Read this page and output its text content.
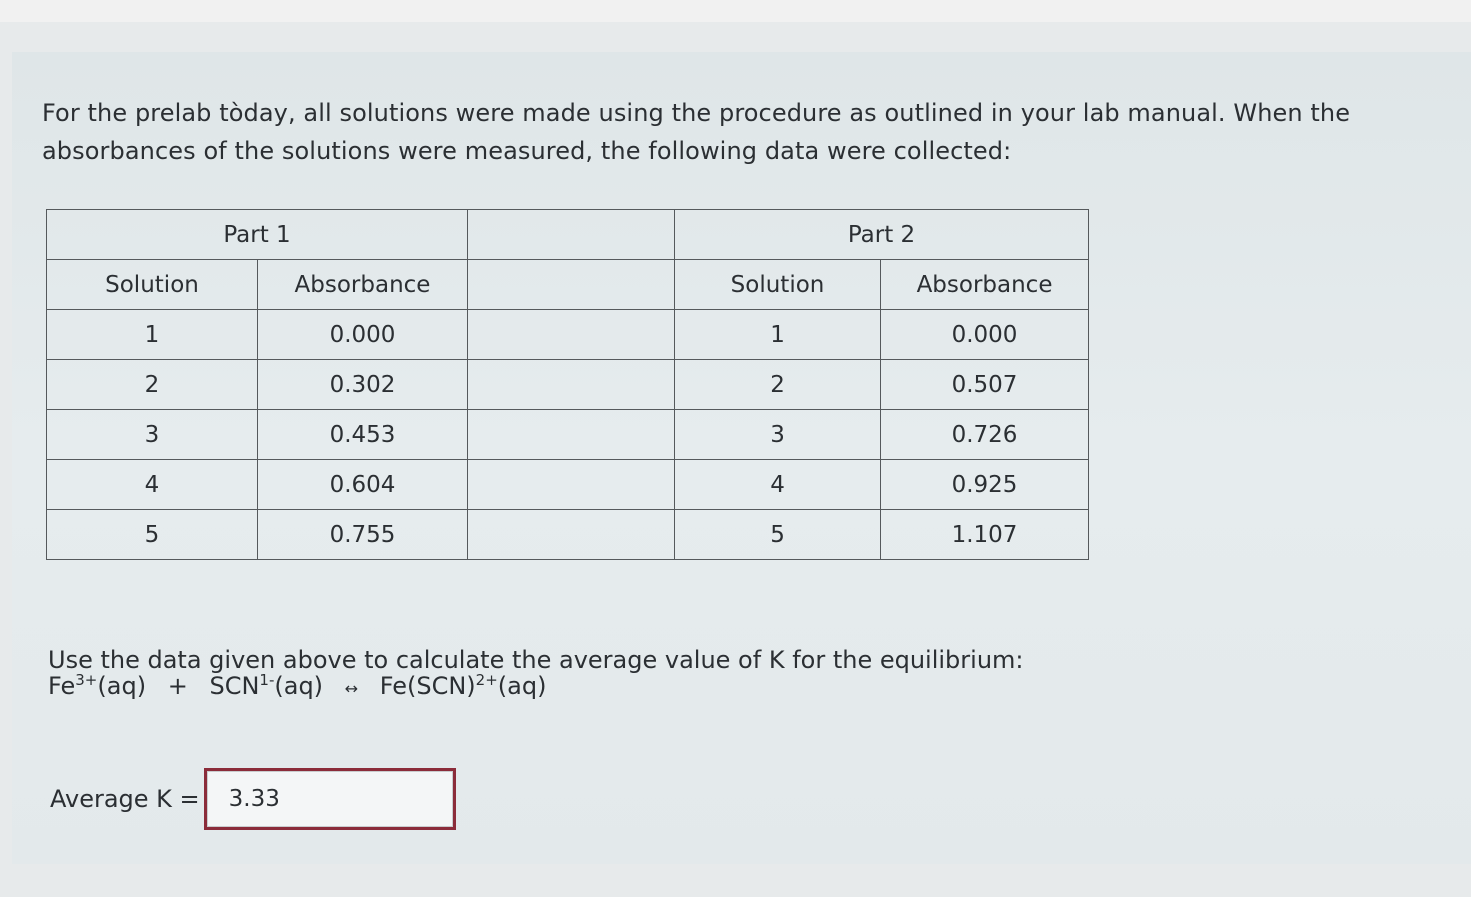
For the prelab tòday, all solutions were made using the procedure as outlined in your lab manual. When the absorbances of the solutions were measured, the following data were collected:

Part 1			Part 2	
Solution	Absorbance		Solution	Absorbance
1	0.000		1	0.000
2	0.302		2	0.507
3	0.453		3	0.726
4	0.604		4	0.925
5	0.755		5	1.107

Use the data given above to calculate the average value of K for the equilibrium:

$Fe^{3+}(aq) + SCN^{1-}(aq)$ ↔ Fe(SCN)$^{2+}$(aq)
Average K =
3.33
